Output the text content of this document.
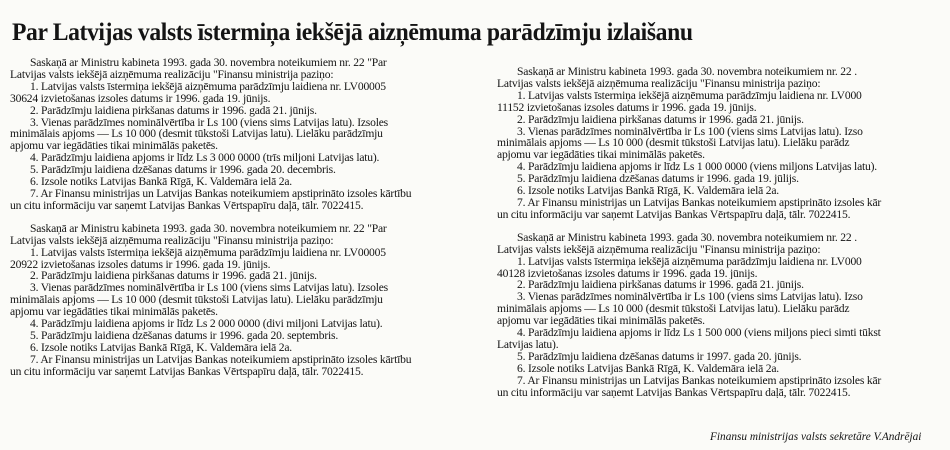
Par Latvijas valsts īstermiņa iekšējā aizņēmuma parādzīmju izlaišanu
Saskaņā ar Ministru kabineta 1993. gada 30. novembra noteikumiem nr. 22 "Par
Latvijas valsts iekšējā aizņēmuma realizāciju "Finansu ministrija paziņo:
1. Latvijas valsts īstermiņa iekšējā aizņēmuma parādzīmju laidiena nr. LV00005
30624 izvietošanas izsoles datums ir 1996. gada 19. jūnijs.
2. Parādzīmju laidiena pirkšanas datums ir 1996. gadā 21. jūnijs.
3. Vienas parādzīmes nominālvērtība ir Ls 100 (viens sims Latvijas latu). Izsoles
minimālais apjoms — Ls 10 000 (desmit tūkstoši Latvijas latu). Lielāku parādzīmju
apjomu var iegādāties tikai minimālās paketēs.
4. Parādzīmju laidiena apjoms ir līdz Ls 3 000 0000 (trīs miljoni Latvijas latu).
5. Parādzīmju laidiena dzēšanas datums ir 1996. gada 20. decembris.
6. Izsole notiks Latvijas Bankā Rīgā, K. Valdemāra ielā 2a.
7. Ar Finansu ministrijas un Latvijas Bankas noteikumiem apstiprināto izsoles kārtību
un citu informāciju var saņemt Latvijas Bankas Vērtspapīru daļā, tālr. 7022415.
Saskaņā ar Ministru kabineta 1993. gada 30. novembra noteikumiem nr. 22 "Par
Latvijas valsts iekšējā aizņēmuma realizāciju "Finansu ministrija paziņo:
1. Latvijas valsts īstermiņa iekšējā aizņēmuma parādzīmju laidiena nr. LV00005
20922 izvietošanas izsoles datums ir 1996. gada 19. jūnijs.
2. Parādzīmju laidiena pirkšanas datums ir 1996. gadā 21. jūnijs.
3. Vienas parādzīmes nominālvērtība ir Ls 100 (viens sims Latvijas latu). Izsoles
minimālais apjoms — Ls 10 000 (desmit tūkstoši Latvijas latu). Lielāku parādzīmju
apjomu var iegādāties tikai minimālās paketēs.
4. Parādzīmju laidiena apjoms ir līdz Ls 2 000 0000 (divi miljoni Latvijas latu).
5. Parādzīmju laidiena dzēšanas datums ir 1996. gada 20. septembris.
6. Izsole notiks Latvijas Bankā Rīgā, K. Valdemāra ielā 2a.
7. Ar Finansu ministrijas un Latvijas Bankas noteikumiem apstiprināto izsoles kārtību
un citu informāciju var saņemt Latvijas Bankas Vērtspapīru daļā, tālr. 7022415.
Saskaņā ar Ministru kabineta 1993. gada 30. novembra noteikumiem nr. 22 .
Latvijas valsts iekšējā aizņēmuma realizāciju "Finansu ministrija paziņo:
1. Latvijas valsts īstermiņa iekšējā aizņēmuma parādzīmju laidiena nr. LV000
11152 izvietošanas izsoles datums ir 1996. gada 19. jūnijs.
2. Parādzīmju laidiena pirkšanas datums ir 1996. gadā 21. jūnijs.
3. Vienas parādzīmes nominālvērtība ir Ls 100 (viens sims Latvijas latu). Izso
minimālais apjoms — Ls 10 000 (desmit tūkstoši Latvijas latu). Lielāku parādz
apjomu var iegādāties tikai minimālās paketēs.
4. Parādzīmju laidiena apjoms ir līdz Ls 1 000 0000 (viens miljons Latvijas latu).
5. Parādzīmju laidiena dzēšanas datums ir 1996. gada 19. jūlijs.
6. Izsole notiks Latvijas Bankā Rīgā, K. Valdemāra ielā 2a.
7. Ar Finansu ministrijas un Latvijas Bankas noteikumiem apstiprināto izsoles kār
un citu informāciju var saņemt Latvijas Bankas Vērtspapīru daļā, tālr. 7022415.
Saskaņā ar Ministru kabineta 1993. gada 30. novembra noteikumiem nr. 22 .
Latvijas valsts iekšējā aizņēmuma realizāciju "Finansu ministrija paziņo:
1. Latvijas valsts īstermiņa iekšējā aizņēmuma parādzīmju laidiena nr. LV000
40128 izvietošanas izsoles datums ir 1996. gada 19. jūnijs.
2. Parādzīmju laidiena pirkšanas datums ir 1996. gadā 21. jūnijs.
3. Vienas parādzīmes nominālvērtība ir Ls 100 (viens sims Latvijas latu). Izso
minimālais apjoms — Ls 10 000 (desmit tūkstoši Latvijas latu). Lielāku parādz
apjomu var iegādāties tikai minimālās paketēs.
4. Parādzīmju laidiena apjoms ir līdz Ls 1 500 000 (viens miljons pieci simti tūkst
Latvijas latu).
5. Parādzīmju laidiena dzēšanas datums ir 1997. gada 20. jūnijs.
6. Izsole notiks Latvijas Bankā Rīgā, K. Valdemāra ielā 2a.
7. Ar Finansu ministrijas un Latvijas Bankas noteikumiem apstiprināto izsoles kār
un citu informāciju var saņemt Latvijas Bankas Vērtspapīru daļā, tālr. 7022415.
Finansu ministrijas valsts sekretāre V.Andrējai
